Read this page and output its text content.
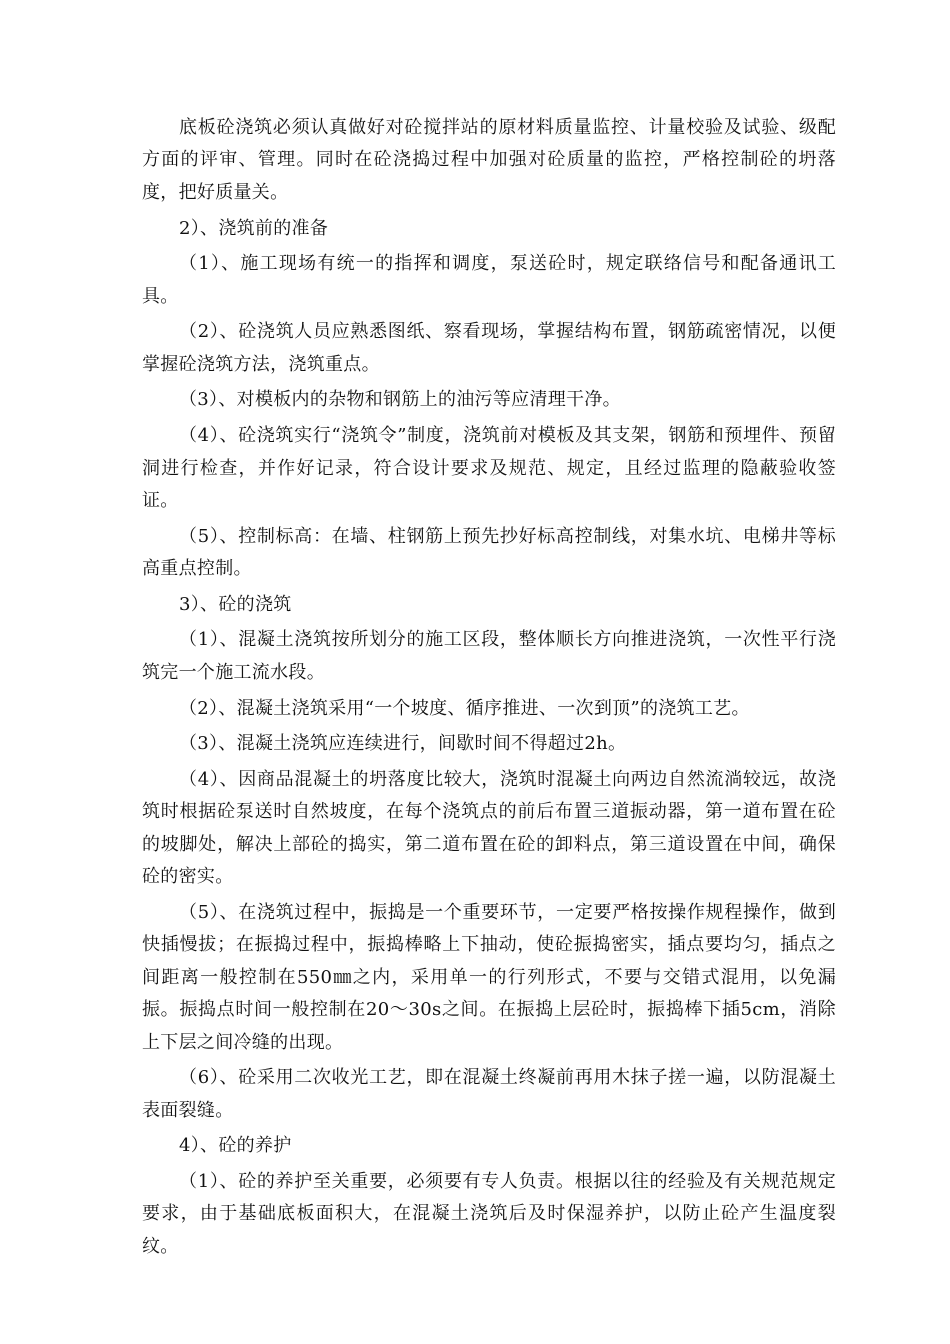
底板砼浇筑必须认真做好对砼搅拌站的原材料质量监控、计量校验及试验、级配方面的评审、管理。同时在砼浇捣过程中加强对砼质量的监控，严格控制砼的坍落度，把好质量关。

2）、浇筑前的准备

（1）、施工现场有统一的指挥和调度，泵送砼时，规定联络信号和配备通讯工具。

（2）、砼浇筑人员应熟悉图纸、察看现场，掌握结构布置，钢筋疏密情况，以便掌握砼浇筑方法，浇筑重点。

（3）、对模板内的杂物和钢筋上的油污等应清理干净。

（4）、砼浇筑实行“浇筑令”制度，浇筑前对模板及其支架，钢筋和预埋件、预留洞进行检查，并作好记录，符合设计要求及规范、规定，且经过监理的隐蔽验收签证。

（5）、控制标高：在墙、柱钢筋上预先抄好标高控制线，对集水坑、电梯井等标高重点控制。

3）、砼的浇筑

（1）、混凝土浇筑按所划分的施工区段，整体顺长方向推进浇筑，一次性平行浇筑完一个施工流水段。

（2）、混凝土浇筑采用“一个坡度、循序推进、一次到顶”的浇筑工艺。

（3）、混凝土浇筑应连续进行，间歇时间不得超过2h。

（4）、因商品混凝土的坍落度比较大，浇筑时混凝土向两边自然流淌较远，故浇筑时根据砼泵送时自然坡度，在每个浇筑点的前后布置三道振动器，第一道布置在砼的坡脚处，解决上部砼的捣实，第二道布置在砼的卸料点，第三道设置在中间，确保砼的密实。

（5）、在浇筑过程中，振捣是一个重要环节，一定要严格按操作规程操作，做到快插慢拔；在振捣过程中，振捣棒略上下抽动，使砼振捣密实，插点要均匀，插点之间距离一般控制在550㎜之内，采用单一的行列形式，不要与交错式混用，以免漏振。振捣点时间一般控制在20～30s之间。在振捣上层砼时，振捣棒下插5cm，消除上下层之间冷缝的出现。

（6）、砼采用二次收光工艺，即在混凝土终凝前再用木抹子搓一遍，以防混凝土表面裂缝。

4）、砼的养护

（1）、砼的养护至关重要，必须要有专人负责。根据以往的经验及有关规范规定要求，由于基础底板面积大，在混凝土浇筑后及时保湿养护，以防止砼产生温度裂纹。
